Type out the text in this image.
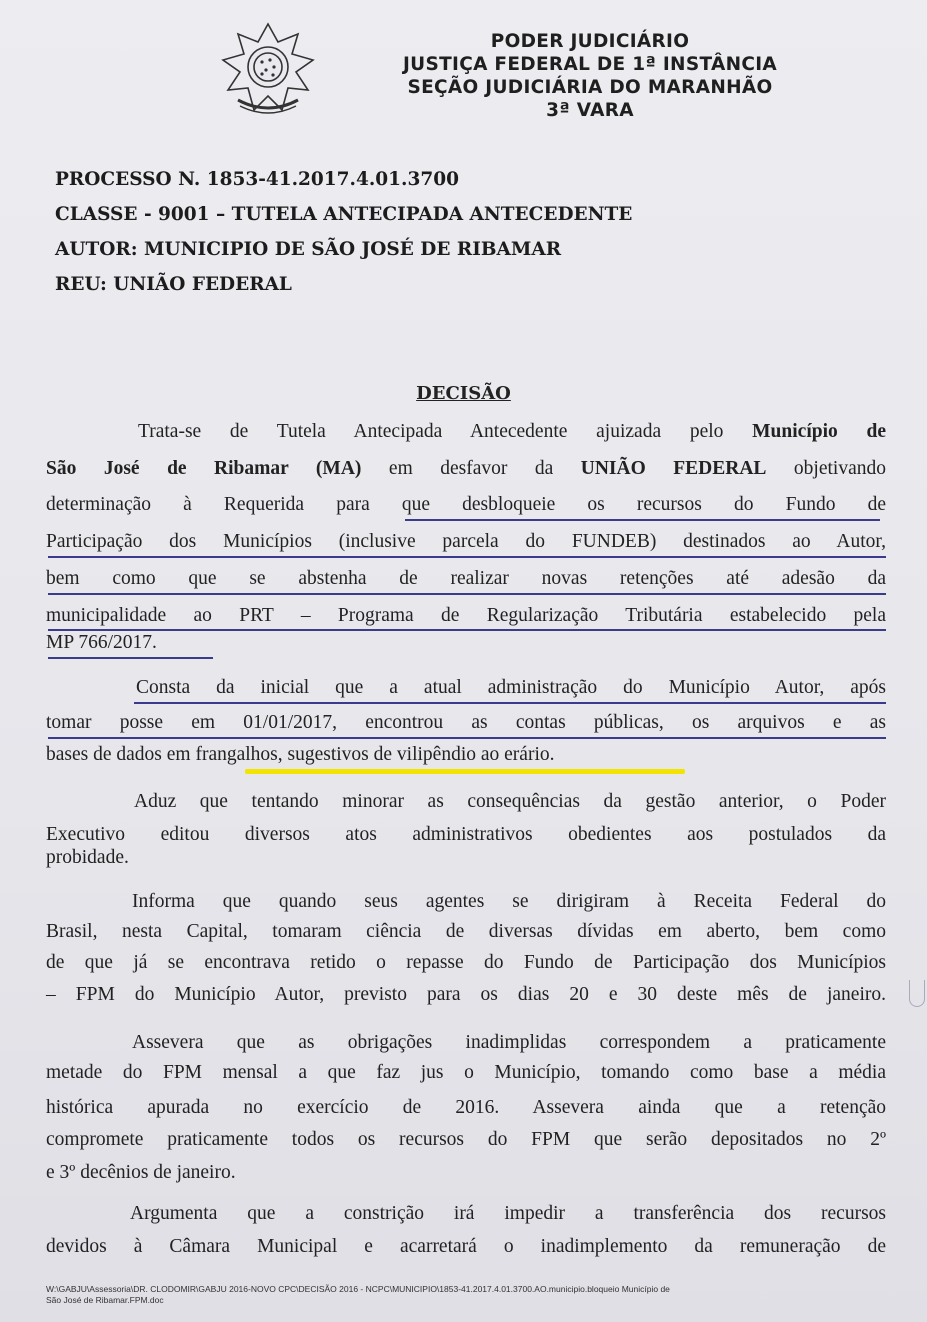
PODER JUDICIÁRIO
JUSTIÇA FEDERAL DE 1ª INSTÂNCIA
SEÇÃO JUDICIÁRIA DO MARANHÃO
3ª VARA
PROCESSO N. 1853-41.2017.4.01.3700
CLASSE - 9001 – TUTELA ANTECIPADA ANTECEDENTE
AUTOR: MUNICIPIO DE SÃO JOSÉ DE RIBAMAR
REU: UNIÃO FEDERAL
DECISÃO
Trata-se de Tutela Antecipada Antecedente ajuizada pelo Município de
São José de Ribamar (MA) em desfavor da UNIÃO FEDERAL objetivando
determinação à Requerida para que desbloqueie os recursos do Fundo de
Participação dos Municípios (inclusive parcela do FUNDEB) destinados ao Autor,
bem como que se abstenha de realizar novas retenções até adesão da
municipalidade ao PRT – Programa de Regularização Tributária estabelecido pela
MP 766/2017.
Consta da inicial que a atual administração do Município Autor, após
tomar posse em 01/01/2017, encontrou as contas públicas, os arquivos e as
bases de dados em frangalhos, sugestivos de vilipêndio ao erário.
Aduz que tentando minorar as consequências da gestão anterior, o Poder
Executivo editou diversos atos administrativos obedientes aos postulados da
probidade.
Informa que quando seus agentes se dirigiram à Receita Federal do
Brasil, nesta Capital, tomaram ciência de diversas dívidas em aberto, bem como
de que já se encontrava retido o repasse do Fundo de Participação dos Municípios
– FPM do Município Autor, previsto para os dias 20 e 30 deste mês de janeiro.
Assevera que as obrigações inadimplidas correspondem a praticamente
metade do FPM mensal a que faz jus o Município, tomando como base a média
histórica apurada no exercício de 2016. Assevera ainda que a retenção
compromete praticamente todos os recursos do FPM que serão depositados no 2º
e 3º decênios de janeiro.
Argumenta que a constrição irá impedir a transferência dos recursos
devidos à Câmara Municipal e acarretará o inadimplemento da remuneração de
W:\GABJU\Assessoria\DR. CLODOMIR\GABJU 2016-NOVO CPC\DECISÃO 2016 - NCPC\MUNICIPIO\1853-41.2017.4.01.3700.AO.municipio.bloqueio Município de
São José de Ribamar.FPM.doc
